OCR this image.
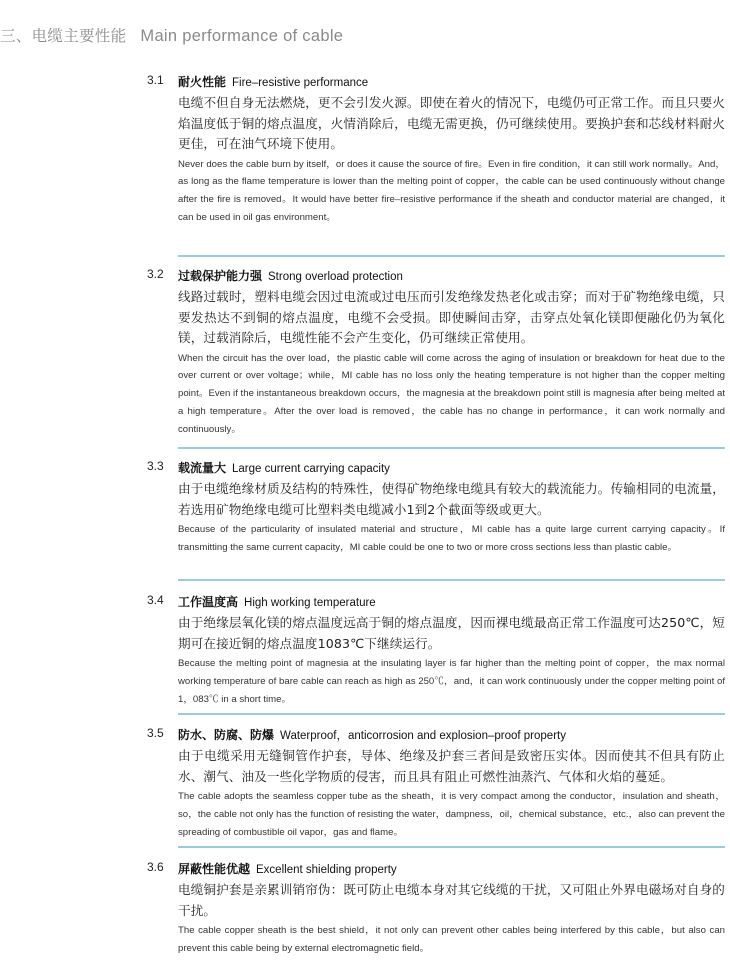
三、电缆主要性能 Main performance of cable
3.1 耐火性能 Fire–resistive performance
电缆不但自身无法燃烧，更不会引发火源。即使在着火的情况下，电缆仍可正常工作。而且只要火焰温度低于铜的熔点温度，火情消除后，电缆无需更换，仍可继续使用。要换护套和芯线材料耐火更佳，可在油气环境下使用。
Never does the cable burn by itself，or does it cause the source of fire。Even in fire condition，it can still work normally。And，as long as the flame temperature is lower than the melting point of copper，the cable can be used continuously without change after the fire is removed。It would have better fire–resistive performance if the sheath and conductor material are changed，it can be used in oil gas environment。
3.2 过载保护能力强 Strong overload protection
线路过载时，塑料电缆会因过电流或过电压而引发绝缘发热老化或击穿；而对于矿物绝缘电缆，只要发热达不到铜的熔点温度，电缆不会受损。即使瞬间击穿，击穿点处氧化镁即便融化仍为氧化镁，过载消除后，电缆性能不会产生变化，仍可继续正常使用。
When the circuit has the over load，the plastic cable will come across the aging of insulation or breakdown for heat due to the over current or over voltage；while，MI cable has no loss only the heating temperature is not higher than the copper melting point。Even if the instantaneous breakdown occurs，the magnesia at the breakdown point still is magnesia after being melted at a high temperature。After the over load is removed，the cable has no change in performance，it can work normally and continuously。
3.3 载流量大 Large current carrying capacity
由于电缆绝缘材质及结构的特殊性，使得矿物绝缘电缆具有较大的载流能力。传输相同的电流量，若选用矿物绝缘电缆可比塑料类电缆减小1到2个截面等级或更大。
Because of the particularity of insulated material and structure，MI cable has a quite large current carrying capacity。If transmitting the same current capacity，MI cable could be one to two or more cross sections less than plastic cable。
3.4 工作温度高 High working temperature
由于绝缘层氧化镁的熔点温度远高于铜的熔点温度，因而裸电缆最高正常工作温度可达250℃，短期可在接近铜的熔点温度1083℃下继续运行。
Because the melting point of magnesia at the insulating layer is far higher than the melting point of copper，the max normal working temperature of bare cable can reach as high as 250℃，and，it can work continuously under the copper melting point of 1，083℃ in a short time。
3.5 防水、防腐、防爆 Waterproof，anticorrosion and explosion–proof property
由于电缆采用无缝铜管作护套，导体、绝缘及护套三者间是致密压实体。因而使其不但具有防止水、潮气、油及一些化学物质的侵害，而且具有阻止可燃性油蒸汽、气体和火焰的蔓延。
The cable adopts the seamless copper tube as the sheath，it is very compact among the conductor，insulation and sheath，so，the cable not only has the function of resisting the water，dampness，oil，chemical substance，etc.，also can prevent the spreading of combustible oil vapor，gas and flame。
3.6 屏蔽性能优越 Excellent shielding property
电缆铜护套是亲累训销帘伪：既可防止电缆本身对其它线缆的干扰，又可阻止外界电磁场对自身的干扰。
The cable copper sheath is the best shield，it not only can prevent other cables being interfered by this cable，but also can prevent this cable being by external electromagnetic field。
